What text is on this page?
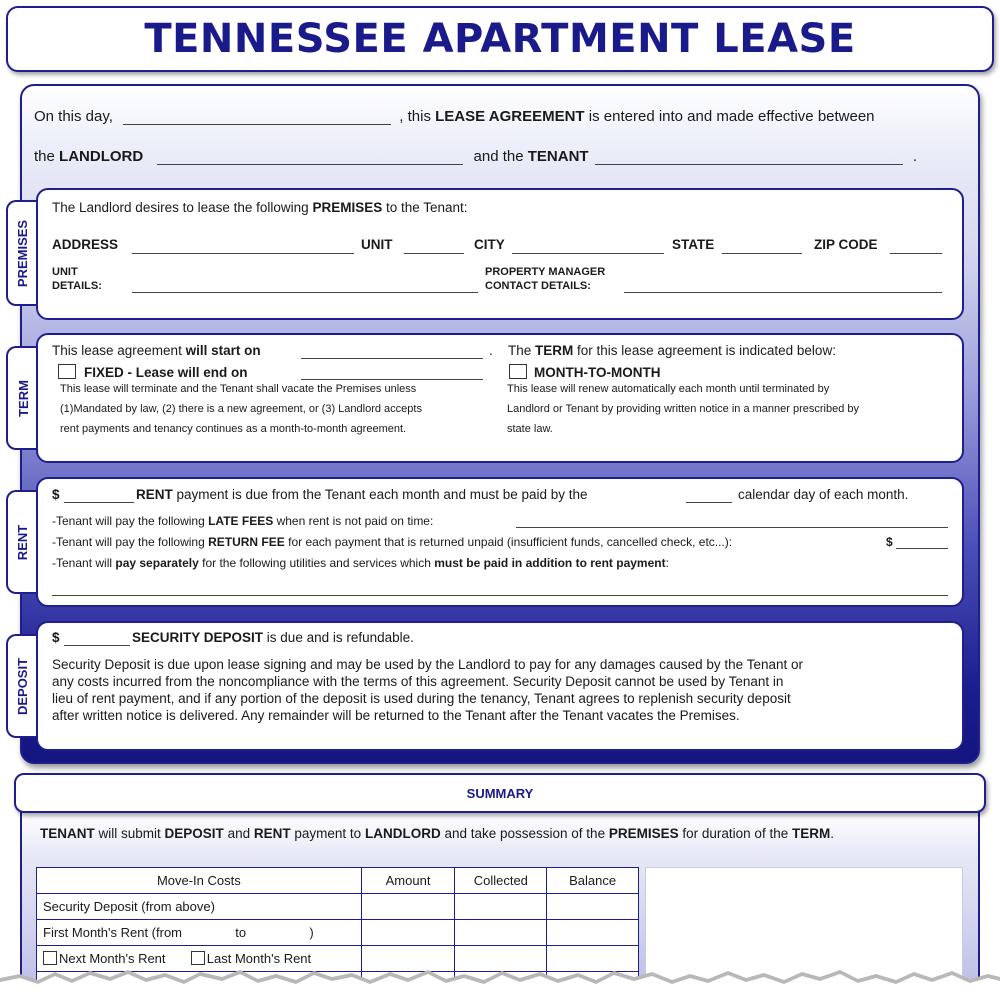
TENNESSEE APARTMENT LEASE
On this day,	, this LEASE AGREEMENT is entered into and made effective between
the LANDLORD	and the TENANT	.
PREMISES
The Landlord desires to lease the following PREMISES to the Tenant:
ADDRESS	UNIT	CITY	STATE	ZIP CODE
UNIT
DETAILS:
PROPERTY MANAGER
CONTACT DETAILS:
TERM
This lease agreement will start on	. The TERM for this lease agreement is indicated below:
FIXED - Lease will end on
This lease will terminate and the Tenant shall vacate the Premises unless
(1)Mandated by law, (2) there is a new agreement, or (3) Landlord accepts
rent payments and tenancy continues as a month-to-month agreement.
MONTH-TO-MONTH
This lease will renew automatically each month until terminated by
Landlord or Tenant by providing written notice in a manner prescribed by
state law.
RENT
$	RENT payment is due from the Tenant each month and must be paid by the	calendar day of each month.
-Tenant will pay the following LATE FEES when rent is not paid on time:
-Tenant will pay the following RETURN FEE for each payment that is returned unpaid (insufficient funds, cancelled check, etc...):	$
-Tenant will pay separately for the following utilities and services which must be paid in addition to rent payment:
DEPOSIT
$	SECURITY DEPOSIT is due and is refundable.
Security Deposit is due upon lease signing and may be used by the Landlord to pay for any damages caused by the Tenant or
any costs incurred from the noncompliance with the terms of this agreement. Security Deposit cannot be used by Tenant in
lieu of rent payment, and if any portion of the deposit is used during the tenancy, Tenant agrees to replenish security deposit
after written notice is delivered. Any remainder will be returned to the Tenant after the Tenant vacates the Premises.
SUMMARY
TENANT will submit DEPOSIT and RENT payment to LANDLORD and take possession of the PREMISES for duration of the TERM.
Move-In Costs	Amount	Collected	Balance
Security Deposit (from above)			
First Month's Rent (from to )			
Next Month's Rent Last Month's Rent			
